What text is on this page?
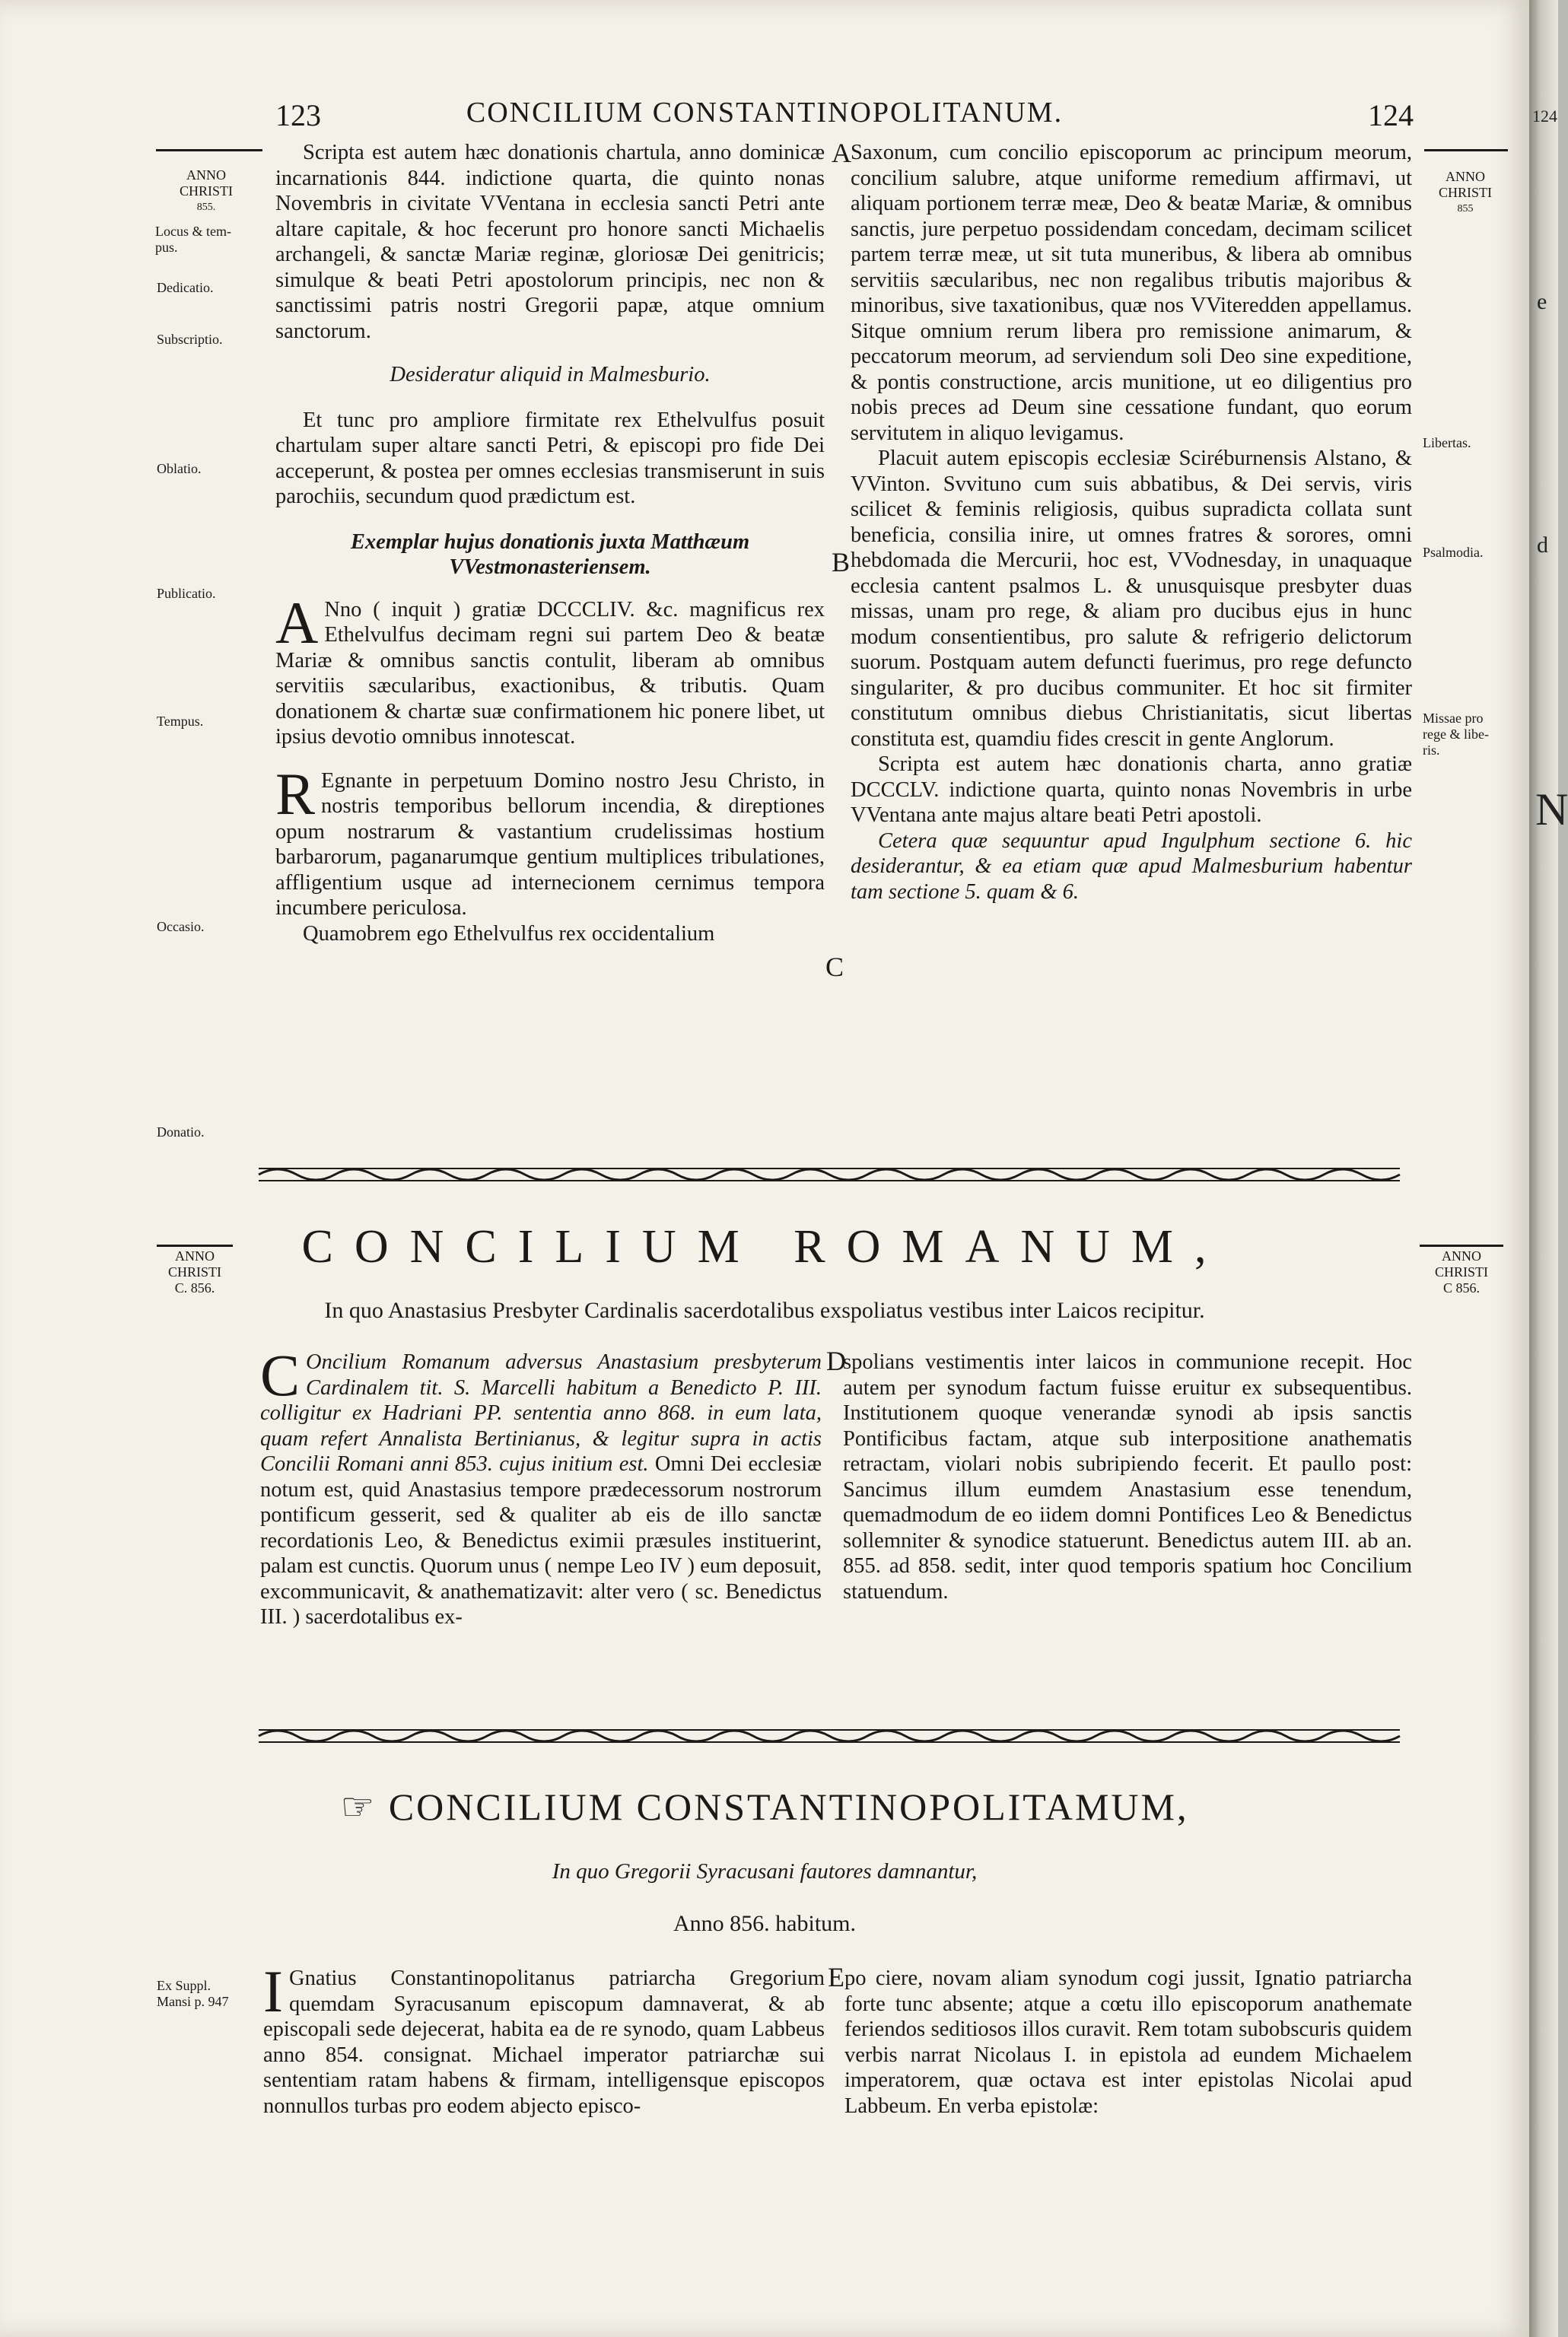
123	CONCILIUM CONSTANTINOPOLITANUM.	124
ANNO
CHRISTI
855.
Locus & tem-
pus.
Dedicatio.
Subscriptio.
Oblatio.
Publicatio.
Tempus.
Occasio.
Donatio.
ANNO
CHRISTI
855
Libertas.
Psalmodia.
Missae pro
rege & libe-
ris.
A
B
C

Scripta est autem hæc donationis chartula, anno dominicæ incarnationis 844. indictione quarta, die quinto nonas Novembris in civitate VVentana in ecclesia sancti Petri ante altare capitale, & hoc fecerunt pro honore sancti Michaelis archangeli, & sanctæ Mariæ reginæ, gloriosæ Dei genitricis; simulque & beati Petri apostolorum principis, nec non & sanctissimi patris nostri Gregorii papæ, atque omnium sanctorum.

Desideratur aliquid in Malmesburio.

Et tunc pro ampliore firmitate rex Ethelvulfus posuit chartulam super altare sancti Petri, & episcopi pro fide Dei acceperunt, & postea per omnes ecclesias transmiserunt in suis parochiis, secundum quod prædictum est.

Exemplar hujus donationis juxta Matthæum

VVestmonasteriensem.

A Nno ( inquit ) gratiæ DCCCLIV. &c. magnificus rex Ethelvulfus decimam regni sui partem Deo & beatæ Mariæ & omnibus sanctis contulit, liberam ab omnibus servitiis sæcularibus, exactionibus, & tributis. Quam donationem & chartæ suæ confirmationem hic ponere libet, ut ipsius devotio omnibus innotescat.

R Egnante in perpetuum Domino nostro Jesu Christo, in nostris temporibus bellorum incendia, & direptiones opum nostrarum & vastantium crudelissimas hostium barbarorum, paganarumque gentium multiplices tribulationes, affligentium usque ad internecionem cernimus tempora incumbere periculosa.

Quamobrem ego Ethelvulfus rex occidentalium

Saxonum, cum concilio episcoporum ac principum meorum, concilium salubre, atque uniforme remedium affirmavi, ut aliquam portionem terræ meæ, Deo & beatæ Mariæ, & omnibus sanctis, jure perpetuo possidendam concedam, decimam scilicet partem terræ meæ, ut sit tuta muneribus, & libera ab omnibus servitiis sæcularibus, nec non regalibus tributis majoribus & minoribus, sive taxationibus, quæ nos VViteredden appellamus. Sitque omnium rerum libera pro remissione animarum, & peccatorum meorum, ad serviendum soli Deo sine expeditione, & pontis constructione, arcis munitione, ut eo diligentius pro nobis preces ad Deum sine cessatione fundant, quo eorum servitutem in aliquo levigamus.

Placuit autem episcopis ecclesiæ Sciréburnensis Alstano, & VVinton. Svvituno cum suis abbatibus, & Dei servis, viris scilicet & feminis religiosis, quibus supradicta collata sunt beneficia, consilia inire, ut omnes fratres & sorores, omni hebdomada die Mercurii, hoc est, VVodnesday, in unaquaque ecclesia cantent psalmos L. & unusquisque presbyter duas missas, unam pro rege, & aliam pro ducibus ejus in hunc modum consentientibus, pro salute & refrigerio delictorum suorum. Postquam autem defuncti fuerimus, pro rege defuncto singulariter, & pro ducibus communiter. Et hoc sit firmiter constitutum omnibus diebus Christianitatis, sicut libertas constituta est, quamdiu fides crescit in gente Anglorum.

Scripta est autem hæc donationis charta, anno gratiæ DCCCLV. indictione quarta, quinto nonas Novembris in urbe VVentana ante majus altare beati Petri apostoli.

Cetera quæ sequuntur apud Ingulphum sectione 6. hic desiderantur, & ea etiam quæ apud Malmesburium habentur tam sectione 5. quam & 6.

ANNO
CHRISTI
C. 856.
ANNO
CHRISTI
C 856.
CONCILIUM ROMANUM,
In quo Anastasius Presbyter Cardinalis sacerdotalibus exspoliatus vestibus inter Laicos recipitur.
D

C Oncilium Romanum adversus Anastasium presbyterum Cardinalem tit. S. Marcelli habitum a Benedicto P. III. colligitur ex Hadriani PP. sententia anno 868. in eum lata, quam refert Annalista Bertinianus, & legitur supra in actis Concilii Romani anni 853. cujus initium est. Omni Dei ecclesiæ notum est, quid Anastasius tempore prædecessorum nostrorum pontificum gesserit, sed & qualiter ab eis de illo sanctæ recordationis Leo, & Benedictus eximii præsules instituerint, palam est cunctis. Quorum unus ( nempe Leo IV ) eum deposuit, excommunicavit, & anathematizavit: alter vero ( sc. Benedictus III. ) sacerdotalibus ex-

spolians vestimentis inter laicos in communione recepit. Hoc autem per synodum factum fuisse eruitur ex subsequentibus. Institutionem quoque venerandæ synodi ab ipsis sanctis Pontificibus factam, atque sub interpositione anathematis retractam, violari nobis subripiendo fecerit. Et paullo post: Sancimus illum eumdem Anastasium esse tenendum, quemadmodum de eo iidem domni Pontifices Leo & Benedictus sollemniter & synodice statuerunt. Benedictus autem III. ab an. 855. ad 858. sedit, inter quod temporis spatium hoc Concilium statuendum.

☞ CONCILIUM CONSTANTINOPOLITAMUM,
In quo Gregorii Syracusani fautores damnantur,
Anno 856. habitum.
Ex Suppl.
Mansi p. 947
E

I Gnatius Constantinopolitanus patriarcha Gregorium quemdam Syracusanum episcopum damnaverat, & ab episcopali sede dejecerat, habita ea de re synodo, quam Labbeus anno 854. consignat. Michael imperator patriarchæ sui sententiam ratam habens & firmam, intelligensque episcopos nonnullos turbas pro eodem abjecto episco-

po ciere, novam aliam synodum cogi jussit, Ignatio patriarcha forte tunc absente; atque a cœtu illo episcoporum anathemate feriendos seditiosos illos curavit. Rem totam subobscuris quidem verbis narrat Nicolaus I. in epistola ad eundem Michaelem imperatorem, quæ octava est inter epistolas Nicolai apud Labbeum. En verba epistolæ:

124
e
d
N
